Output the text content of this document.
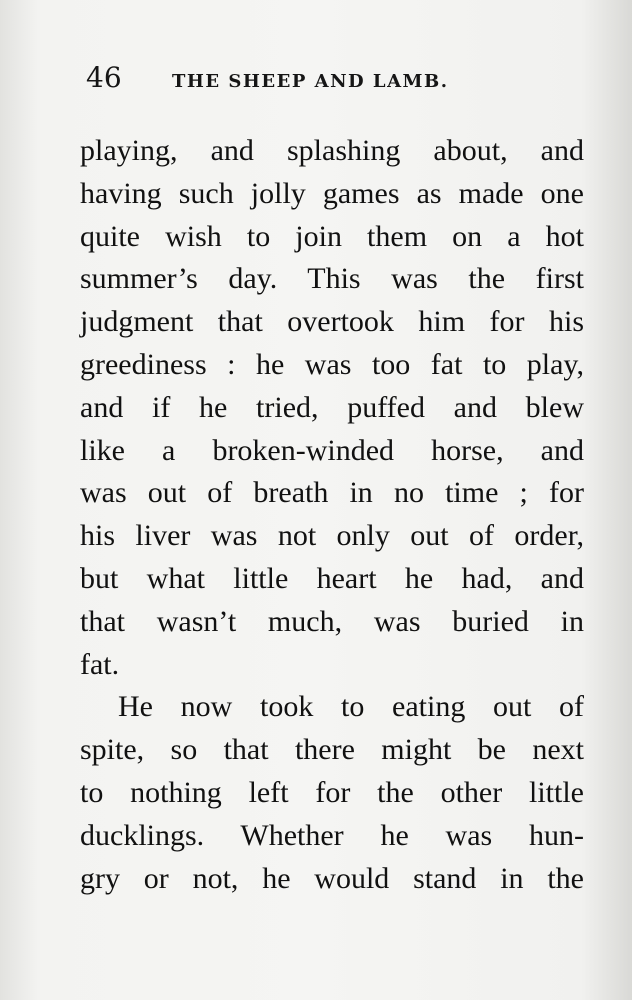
46	THE SHEEP AND LAMB.
playing, and splashing about, and
having such jolly games as made one
quite wish to join them on a hot
summer’s day. This was the first
judgment that overtook him for his
greediness : he was too fat to play,
and if he tried, puffed and blew
like a broken-winded horse, and
was out of breath in no time ; for
his liver was not only out of order,
but what little heart he had, and
that wasn’t much, was buried in
fat.
He now took to eating out of
spite, so that there might be next
to nothing left for the other little
ducklings. Whether he was hun-
gry or not, he would stand in the
